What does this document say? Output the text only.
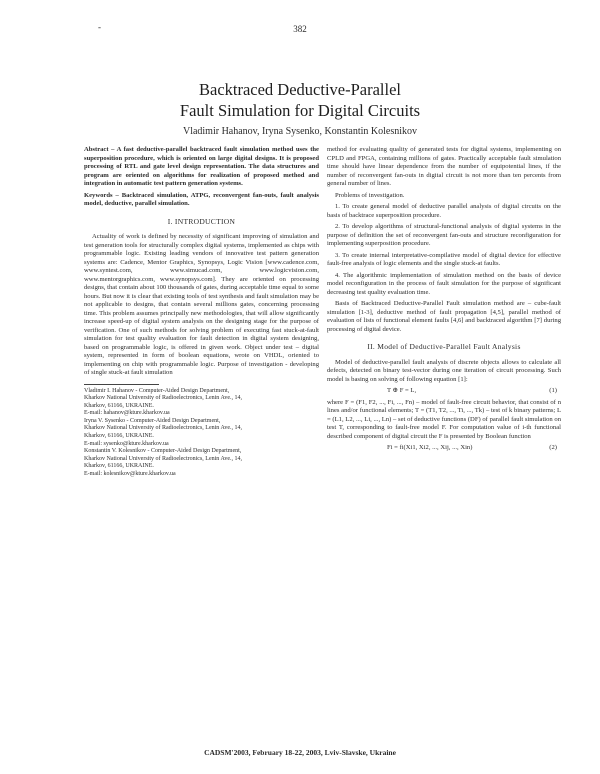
-	382
Backtraced Deductive-Parallel
Fault Simulation for Digital Circuits
Vladimir Hahanov, Iryna Sysenko, Konstantin Kolesnikov

Abstract – A fast deductive-parallel backtraced fault simulation method uses the superposition procedure, which is oriented on large digital designs. It is proposed processing of RTL and gate level design representation. The data structures and program are oriented on algorithms for realization of proposed method and integration in automatic test pattern generation systems.

Keywords – Backtraced simulation, ATPG, reconvergent fan-outs, fault analysis model, deductive, parallel simulation.

I. INTRODUCTION

Actuality of work is defined by necessity of significant improving of simulation and test generation tools for structurally complex digital systems, implemented as chips with programmable logic. Existing leading vendors of innovative test pattern generation systems are: Cadence, Mentor Graphics, Synopsys, Logic Vision [www.cadence.com, www.syntest.com, www.simucad.com, www.logicvision.com, www.mentorgraphics.com, www.synopsys.com]. They are oriented on processing designs, that contain about 100 thousands of gates, during acceptable time equal to some hours. But now it is clear that existing tools of test synthesis and fault simulation may be not applicable to designs, that contain several millions gates, concerning processing time. This problem assumes principally new methodologies, that will allow significantly increase speed-up of digital system analysis on the designing stage for the purpose of verification. One of such methods for solving problem of executing fast stuck-at-fault simulation for test quality evaluation for fault detection in digital system designing, based on programmable logic, is offered in given work. Object under test – digital system, represented in form of boolean equations, wrote on VHDL, oriented to implementing on chip with programmable logic. Purpose of investigation - developing of single stuck-at fault simulation

Vladimir I. Hahanov - Computer-Aided Design Department,
Kharkov National University of Radioelectronics, Lenin Ave., 14,
Kharkov, 61166, UKRAINE.
E-mail: hahanov@kture.kharkov.ua
Iryna V. Sysenko - Computer-Aided Design Department,
Kharkov National University of Radioelectronics, Lenin Ave., 14,
Kharkov, 61166, UKRAINE.
E-mail: sysenko@kture.kharkov.ua
Konstantin V. Kolesnikov - Computer-Aided Design Department,
Kharkov National University of Radioelectronics, Lenin Ave., 14,
Kharkov, 61166, UKRAINE.
E-mail: kolesnikov@kture.kharkov.ua

method for evaluating quality of generated tests for digital systems, implementing on CPLD and FPGA, containing millions of gates. Practically acceptable fault simulation time should have linear dependence from the number of equipotential lines, if the number of reconvergent fan-outs in digital circuit is not more than ten percents from general number of lines.

Problems of investigation.

1. To create general model of deductive parallel analysis of digital circuits on the basis of backtrace superposition procedure.

2. To develop algorithms of structural-functional analysis of digital systems in the purpose of definition the set of reconvergent fan-outs and structure reconfiguration for implementing superposition procedure.

3. To create internal interpretative-compilative model of digital device for effective fault-free analysis of logic elements and the single stuck-at faults.

4. The algorithmic implementation of simulation method on the basis of device model reconfiguration in the process of fault simulation for the purpose of significant decreasing test quality evaluation time.

Basis of Backtraced Deductive-Parallel Fault simulation method are – cube-fault simulation [1-3], deductive method of fault propagation [4,5], parallel method of evaluation of lists of functional element faults [4,6] and backtraced algorithm [7] during processing of digital device.

II. Model of Deductive-Parallel Fault Analysis

Model of deductive-parallel fault analysis of discrete objects allows to calculate all defects, detected on binary test-vector during one iteration of circuit processing. Such model is basing on solving of following equation [1]:

T ⊕ F = L,	(1)

where F = (F1, F2, ..., Fi, ..., Fn) – model of fault-free circuit behavior, that consist of n lines and/or functional elements; T = (T1, T2, ..., Ti, ..., Tk) – test of k binary patterns; L = (L1, L2, ..., Li, ..., Ln) – set of deductive functions (DF) of parallel fault simulation on test T, corresponding to fault-free model F. For computation value of i-th functional described component of digital circuit the F is presented by Boolean function

Fi = fi(Xi1, Xi2, ..., Xij, ..., Xin)	(2)
CADSM'2003, February 18-22, 2003, Lviv-Slavske, Ukraine
